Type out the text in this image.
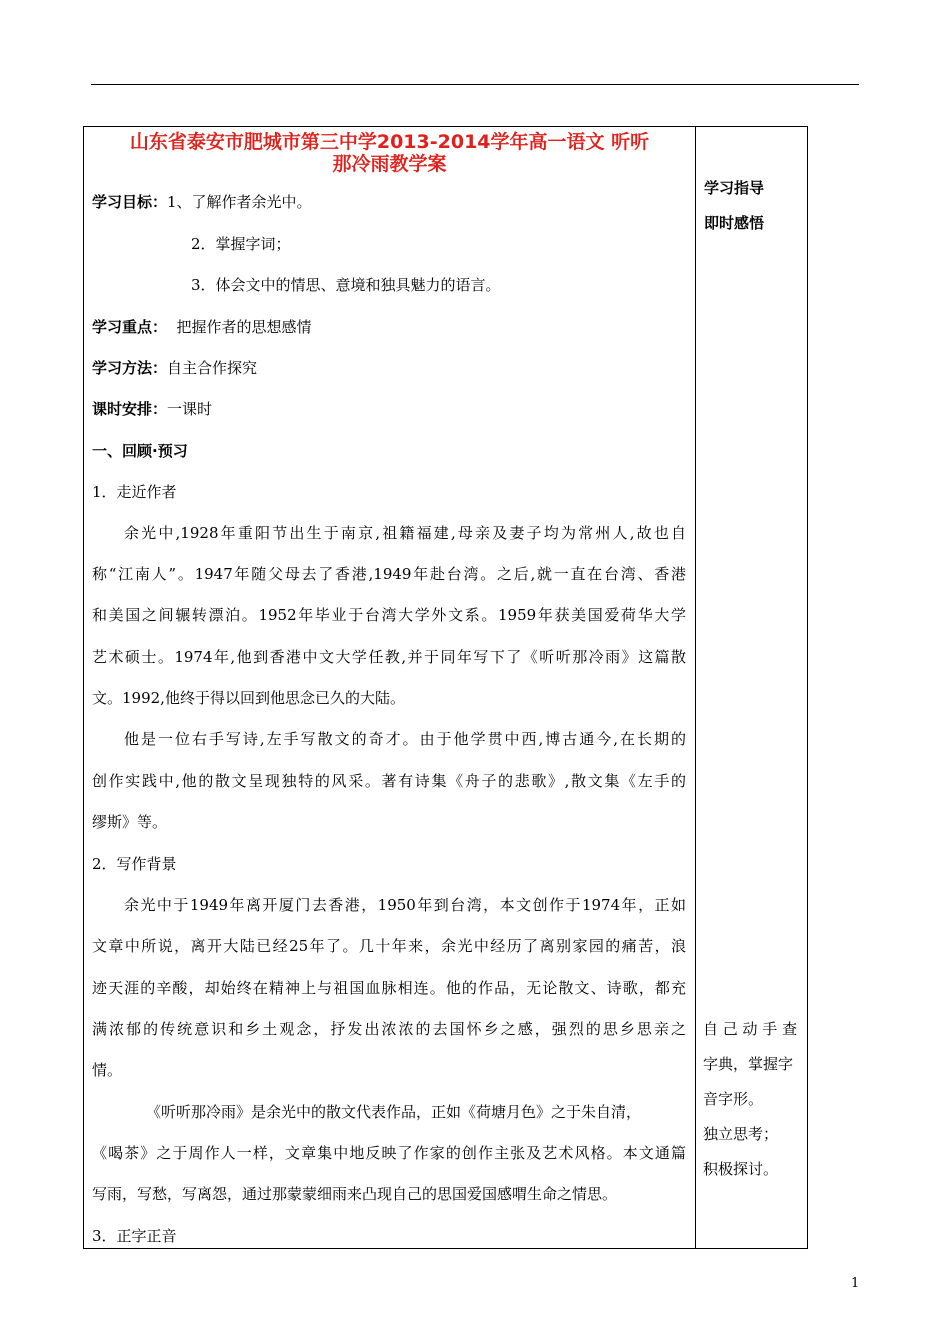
山东省泰安市肥城市第三中学2013-2014学年高一语文 听听
那冷雨教学案
学习目标：1、了解作者余光中。
2．掌握字词；
3．体会文中的情思、意境和独具魅力的语言。
学习重点：  把握作者的思想感情
学习方法：自主合作探究
课时安排：一课时
一、回顾·预习
1．走近作者
余光中,1928年重阳节出生于南京,祖籍福建,母亲及妻子均为常州人,故也自
称“江南人”。1947年随父母去了香港,1949年赴台湾。之后,就一直在台湾、香港
和美国之间辗转漂泊。1952年毕业于台湾大学外文系。1959年获美国爱荷华大学
艺术硕士。1974年,他到香港中文大学任教,并于同年写下了《听听那冷雨》这篇散
文。1992,他终于得以回到他思念已久的大陆。
他是一位右手写诗,左手写散文的奇才。由于他学贯中西,博古通今,在长期的
创作实践中,他的散文呈现独特的风采。著有诗集《舟子的悲歌》,散文集《左手的
缪斯》等。
2．写作背景
余光中于1949年离开厦门去香港，1950年到台湾，本文创作于1974年，正如
文章中所说，离开大陆已经25年了。几十年来，余光中经历了离别家园的痛苦，浪
迹天涯的辛酸，却始终在精神上与祖国血脉相连。他的作品，无论散文、诗歌，都充
满浓郁的传统意识和乡土观念，抒发出浓浓的去国怀乡之感，强烈的思乡思亲之
情。
《听听那冷雨》是余光中的散文代表作品，正如《荷塘月色》之于朱自清，
《喝茶》之于周作人一样，文章集中地反映了作家的创作主张及艺术风格。本文通篇
写雨，写愁，写离怨，通过那蒙蒙细雨来凸现自己的思国爱国感喟生命之情思。
3．正字正音
学习指导
即时感悟
自 己 动 手 查
字典，掌握字
音字形。
独立思考；
积极探讨。
1
